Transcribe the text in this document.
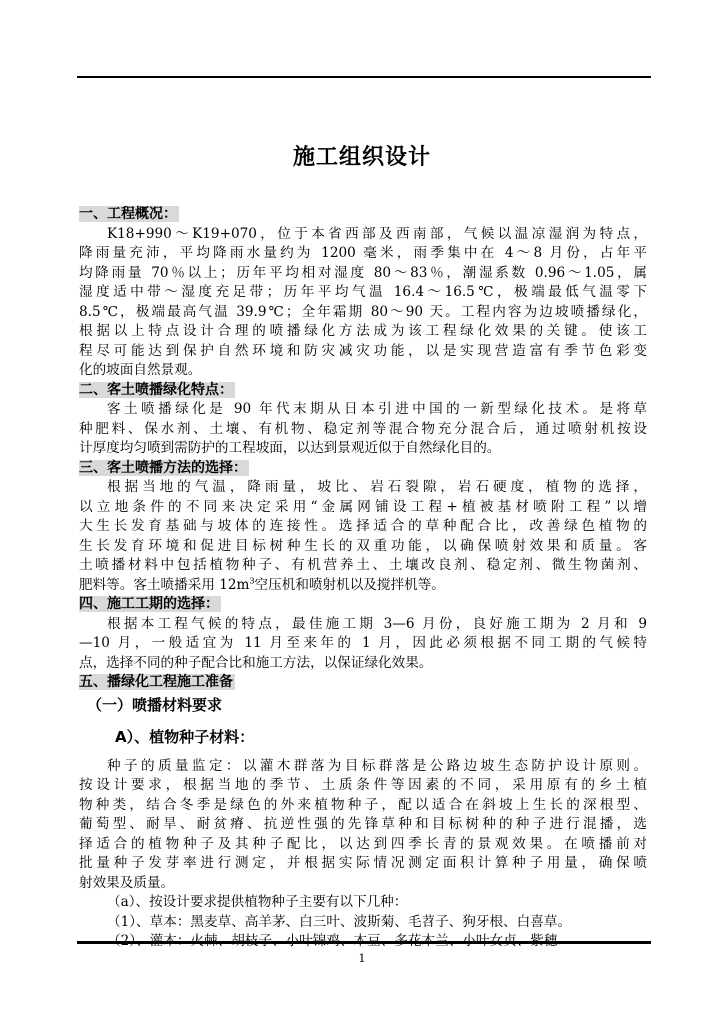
施工组织设计
一、工程概况：
K18+990～K19+070，位于本省西部及西南部，气候以温凉湿润为特点，
降雨量充沛，平均降雨水量约为 1200 毫米，雨季集中在 4～8 月份，占年平
均降雨量 70％以上；历年平均相对湿度 80～83％，潮湿系数 0.96～1.05，属
湿度适中带～湿度充足带；历年平均气温 16.4～16.5℃，极端最低气温零下
8.5℃，极端最高气温 39.9℃；全年霜期 80～90 天。工程内容为边坡喷播绿化，
根据以上特点设计合理的喷播绿化方法成为该工程绿化效果的关键。使该工
程尽可能达到保护自然环境和防灾减灾功能，以是实现营造富有季节色彩变
化的坡面自然景观。
二、客土喷播绿化特点：
客土喷播绿化是 90 年代末期从日本引进中国的一新型绿化技术。是将草
种肥料、保水剂、土壤、有机物、稳定剂等混合物充分混合后，通过喷射机按设
计厚度均匀喷到需防护的工程坡面，以达到景观近似于自然绿化目的。
三、客土喷播方法的选择：
根据当地的气温，降雨量，坡比、岩石裂隙，岩石硬度，植物的选择，
以立地条件的不同来决定采用“金属网铺设工程+植被基材喷附工程”以增
大生长发育基础与坡体的连接性。选择适合的草种配合比，改善绿色植物的
生长发育环境和促进目标树种生长的双重功能，以确保喷射效果和质量。客
土喷播材料中包括植物种子、有机营养土、土壤改良剂、稳定剂、微生物菌剂、
肥料等。客土喷播采用 $12m^3$空压机和喷射机以及搅拌机等。
四、施工工期的选择：
根据本工程气候的特点，最佳施工期 3—6 月份，良好施工期为 2 月和 9
—10 月，一般适宜为 11 月至来年的 1 月，因此必须根据不同工期的气候特
点，选择不同的种子配合比和施工方法，以保证绿化效果。
五、播绿化工程施工准备
（一）喷播材料要求
A）、植物种子材料：
种子的质量监定：以灌木群落为目标群落是公路边坡生态防护设计原则。
按设计要求，根据当地的季节、土质条件等因素的不同，采用原有的乡土植
物种类，结合冬季是绿色的外来植物种子，配以适合在斜坡上生长的深根型、
葡萄型、耐旱、耐贫瘠、抗逆性强的先锋草种和目标树种的种子进行混播，选
择适合的植物种子及其种子配比，以达到四季长青的景观效果。在喷播前对
批量种子发芽率进行测定，并根据实际情况测定面积计算种子用量，确保喷
射效果及质量。
（a）、按设计要求提供植物种子主要有以下几种：
（1）、草本：黑麦草、高羊茅、白三叶、波斯菊、毛苕子、狗牙根、白喜草。
1
